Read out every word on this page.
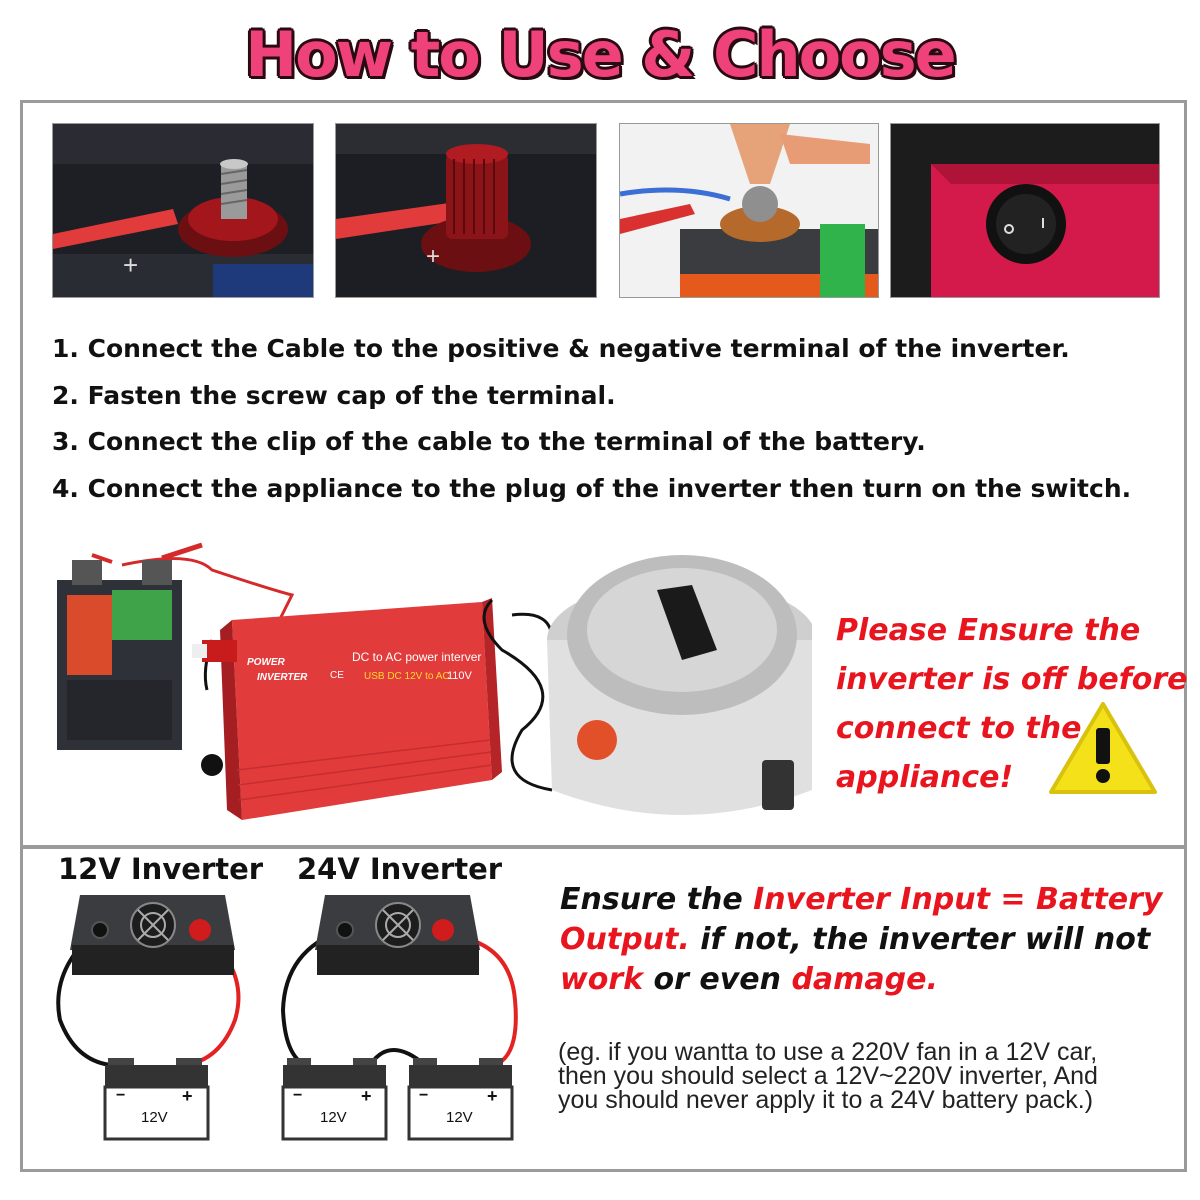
How to Use & Choose
+	+
1. Connect the Cable to the positive & negative terminal of the inverter.
2. Fasten the screw cap of the terminal.
3. Connect the clip of the cable to the terminal of the battery.
4. Connect the appliance to the plug of the inverter then turn on the switch.
POWER
INVERTER
DC to AC power interver
USB DC 12V to AC
110V
CE
Please Ensure the
inverter is off before
connect to the
appliance!
12V Inverter 24V Inverter
−	+
12V
−	+
12V
−	+
12V
Ensure the Inverter Input = Battery
Output. if not, the inverter will not
work or even damage.
(eg. if you wantta to use a 220V fan in a 12V car,
then you should select a 12V~220V inverter, And
you should never apply it to a 24V battery pack.)
